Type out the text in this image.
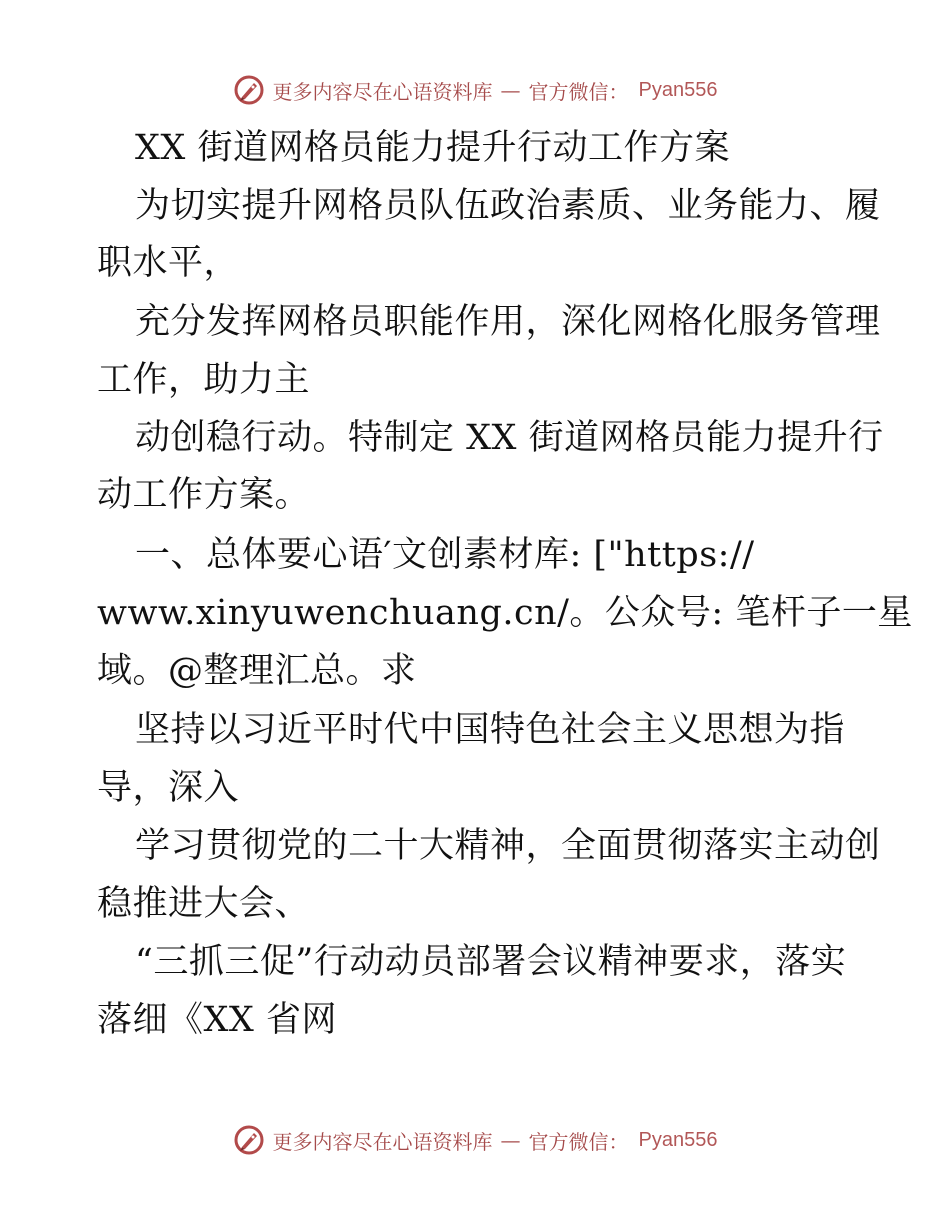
更多内容尽在心语资料库 — 官方微信： Pyan556
XX 街道网格员能力提升行动工作方案
为切实提升网格员队伍政治素质、业务能力、履
职水平，
充分发挥网格员职能作用，深化网格化服务管理
工作，助力主
动创稳行动。特制定 XX 街道网格员能力提升行
动工作方案。
一、总体要心语′文创素材库: ["https://
www.xinyuwenchuang.cn/。公众号: 笔杆子一星
域。@整理汇总。求
坚持以习近平时代中国特色社会主义思想为指
导，深入
学习贯彻党的二十大精神，全面贯彻落实主动创
稳推进大会、
“三抓三促”行动动员部署会议精神要求，落实
落细《XX 省网
更多内容尽在心语资料库 — 官方微信： Pyan556
